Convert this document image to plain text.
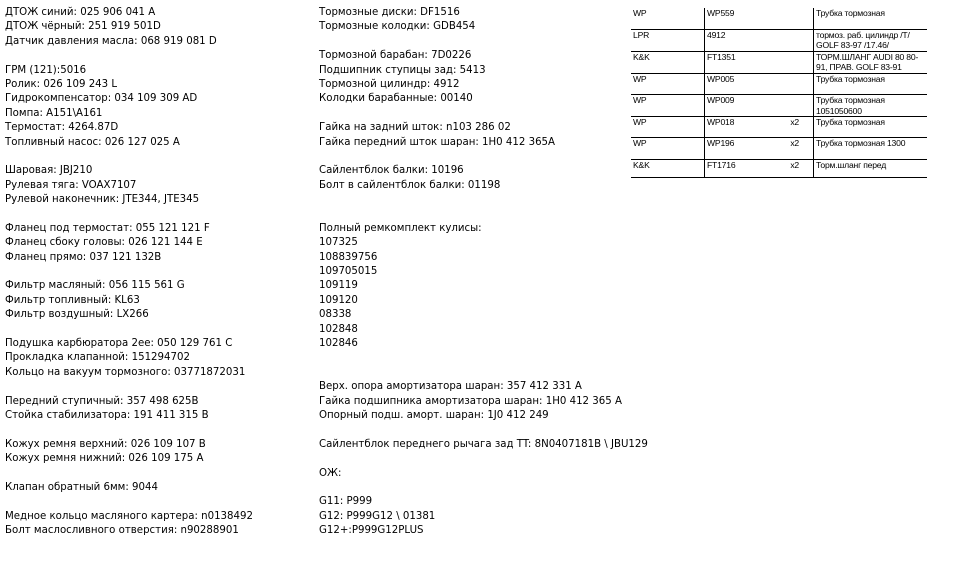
ДТОЖ синий: 025 906 041 A
ДТОЖ чёрный: 251 919 501D
Датчик давления масла: 068 919 081 D
ГРМ (121):5016
Ролик: 026 109 243 L
Гидрокомпенсатор: 034 109 309 AD
Помпа: A151\A161
Термостат: 4264.87D
Топливный насос: 026 127 025 A
Шаровая: JBJ210
Рулевая тяга: VOAX7107
Рулевой наконечник: JTE344, JTE345
Фланец под термостат: 055 121 121 F
Фланец сбоку головы: 026 121 144 E
Фланец прямо: 037 121 132B
Фильтр масляный: 056 115 561 G
Фильтр топливный: KL63
Фильтр воздушный: LX266
Подушка карбюратора 2ee: 050 129 761 C
Прокладка клапанной: 151294702
Кольцо на вакуум тормозного: 03771872031
Передний ступичный: 357 498 625B
Стойка стабилизатора: 191 411 315 B
Кожух ремня верхний: 026 109 107 B
Кожух ремня нижний: 026 109 175 A
Клапан обратный 6мм: 9044
Медное кольцо масляного картера: n0138492
Болт маслосливного отверстия: n90288901
Тормозные диски: DF1516
Тормозные колодки: GDB454
Тормозной барабан: 7D0226
Подшипник ступицы зад: 5413
Тормозной цилиндр: 4912
Колодки барабанные: 00140
Гайка на задний шток: n103 286 02
Гайка передний шток шаран: 1H0 412 365A
Сайлентблок балки: 10196
Болт в сайлентблок балки: 01198
Полный ремкомплект кулисы:
107325
108839756
109705015
109119
109120
08338
102848
102846
Верх. опора амортизатора шаран: 357 412 331 A
Гайка подшипника амортизатора шаран: 1H0 412 365 A
Опорный подш. аморт. шаран: 1J0 412 249
Сайлентблок переднего рычага зад TT: 8N0407181B \ JBU129
ОЖ:
G11: P999
G12: P999G12 \ 01381
G12+:P999G12PLUS
WP	WP559		Трубка тормозная
LPR	4912		тормоз. раб. цилиндр /T/ GOLF 83-97 /17.46/
K&K	FT1351		ТОРМ.ШЛАНГ AUDI 80 80-91, ПРАВ. GOLF 83-91
WP	WP005		Трубка тормозная
WP	WP009		Трубка тормозная 1051050600
WP	WP018	x2	Трубка тормозная
WP	WP196	x2	Трубка тормозная 1300
K&K	FT1716	x2	Торм.шланг перед
